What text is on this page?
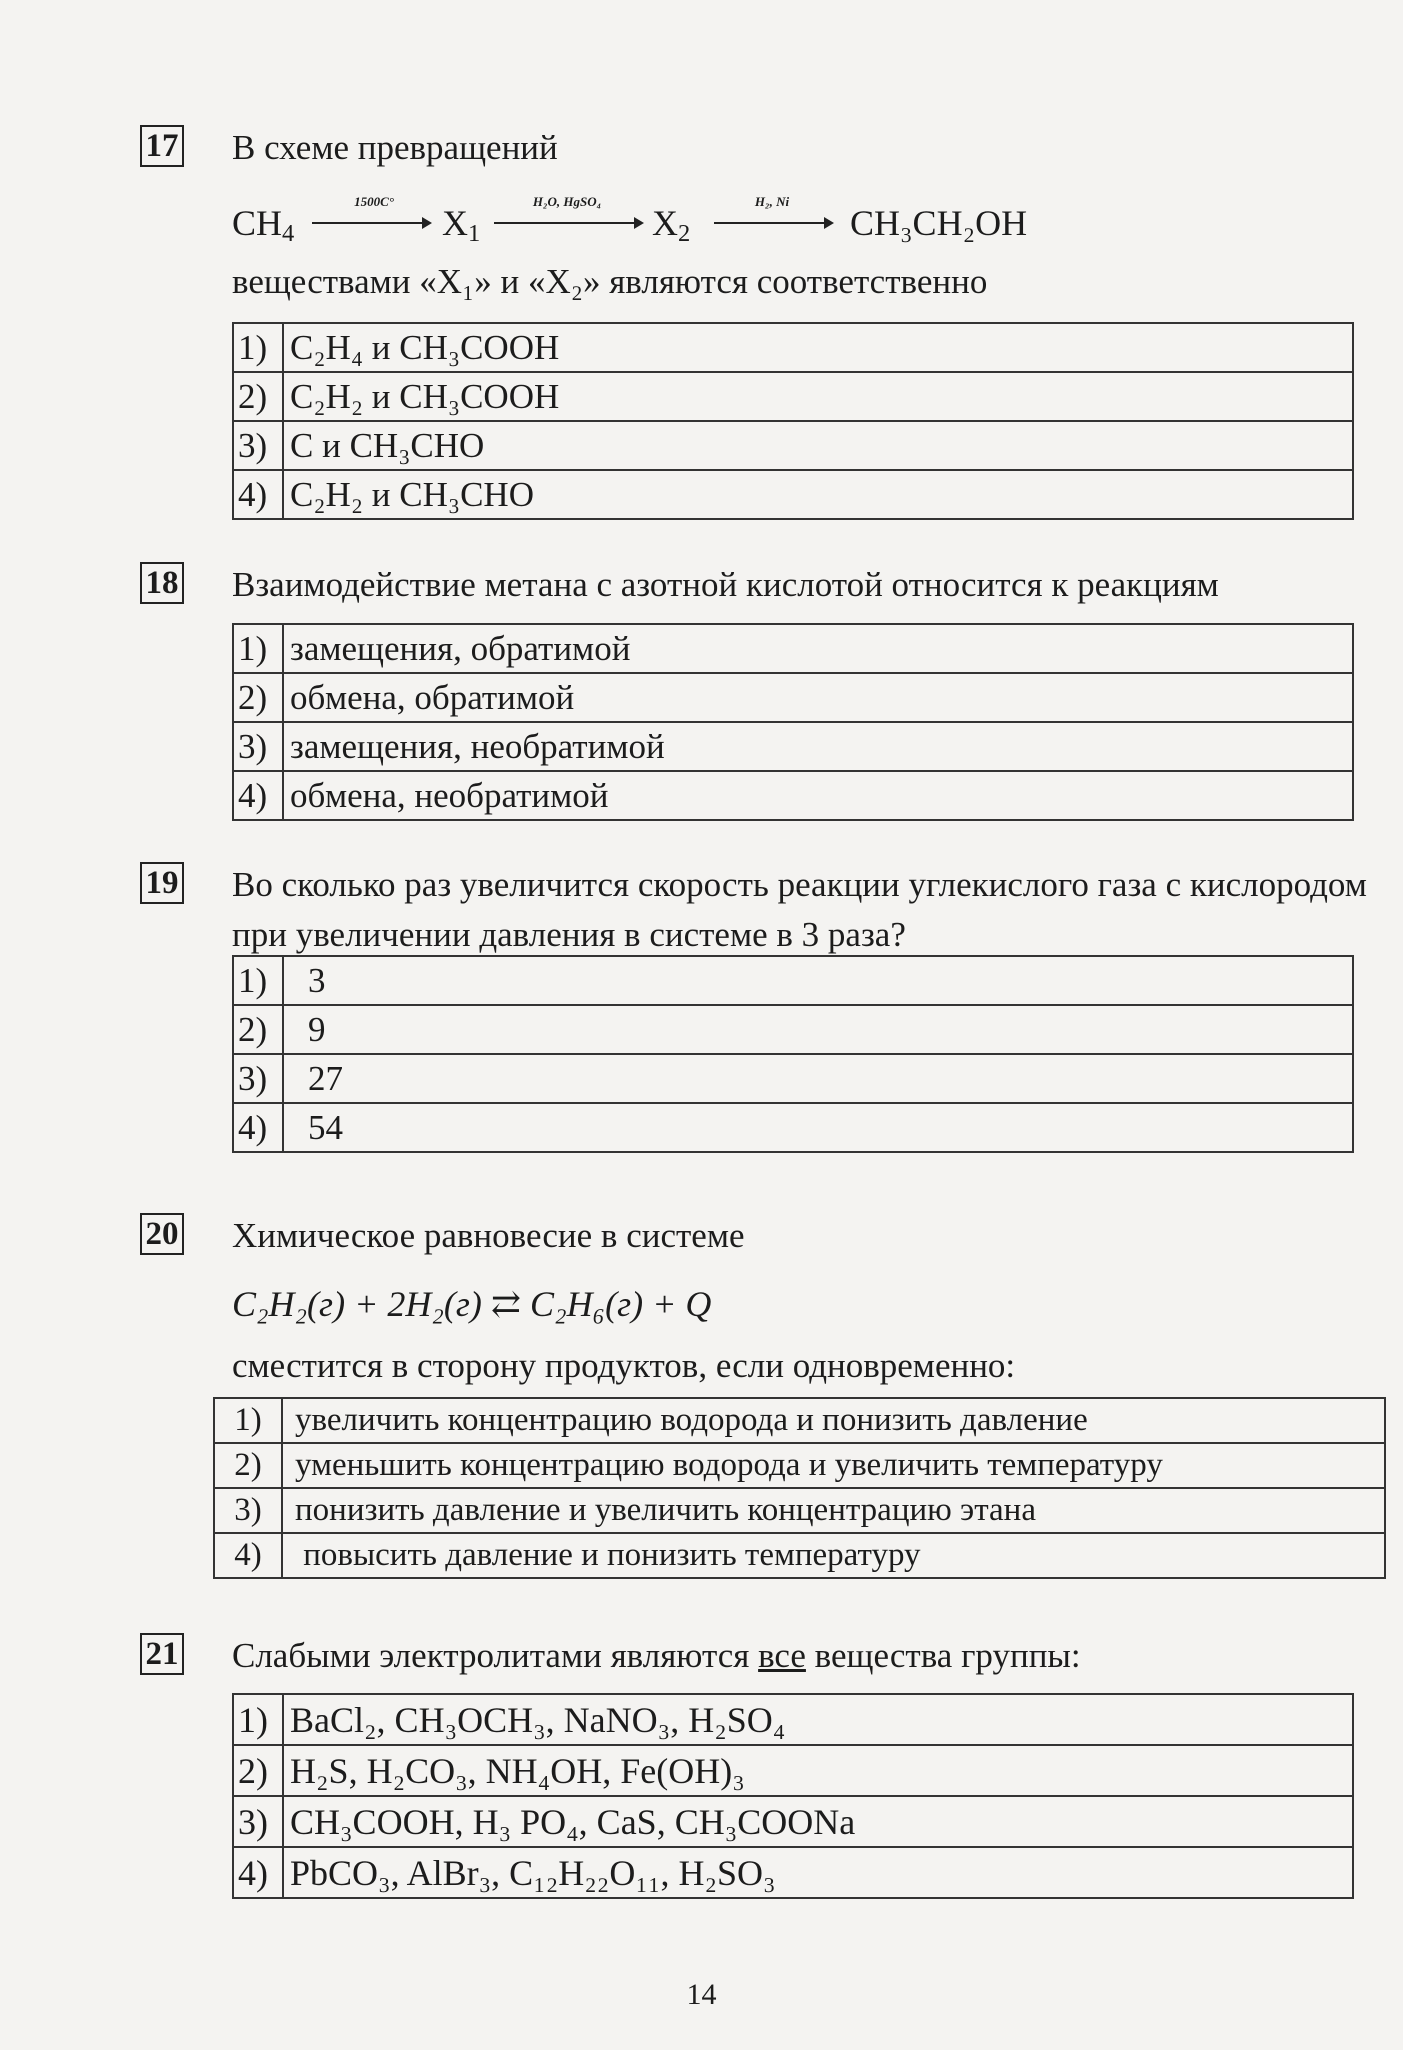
17 В схеме превращений
$CH_4$
1500C°
$X_1$
H₂O, HgSO₄
$X_2$
H₂, Ni
CH₃CH₂OH
веществами «X₁» и «X₂» являются соответственно
1)	C₂H₄ и CH₃COOH
2)	C₂H₂ и CH₃COOH
3)	C и CH₃CHO
4)	C₂H₂ и CH₃CHO
18 Взаимодействие метана с азотной кислотой относится к реакциям
1)	замещения, обратимой
2)	обмена, обратимой
3)	замещения, необратимой
4)	обмена, необратимой
19 Во сколько раз увеличится скорость реакции углекислого газа с кислородом при увеличении давления в системе в 3 раза?
1)	3
2)	9
3)	27
4)	54
20 Химическое равновесие в системе
C₂H₂(г) + 2H₂(г) ⇄ C₂H₆(г) + Q
сместится в сторону продуктов, если одновременно:
1)	увеличить концентрацию водорода и понизить давление
2)	уменьшить концентрацию водорода и увеличить температуру
3)	понизить давление и увеличить концентрацию этана
4)	повысить давление и понизить температуру
21 Слабыми электролитами являются все вещества группы:
1)	BaCl₂, CH₃OCH₃, NaNO₃, H₂SO₄
2)	H₂S, H₂CO₃, NH₄OH, Fe(OH)₃
3)	CH₃COOH, H₃ PO₄, CaS, CH₃COONa
4)	PbCO₃, AlBr₃, C₁₂H₂₂O₁₁, H₂SO₃
14
